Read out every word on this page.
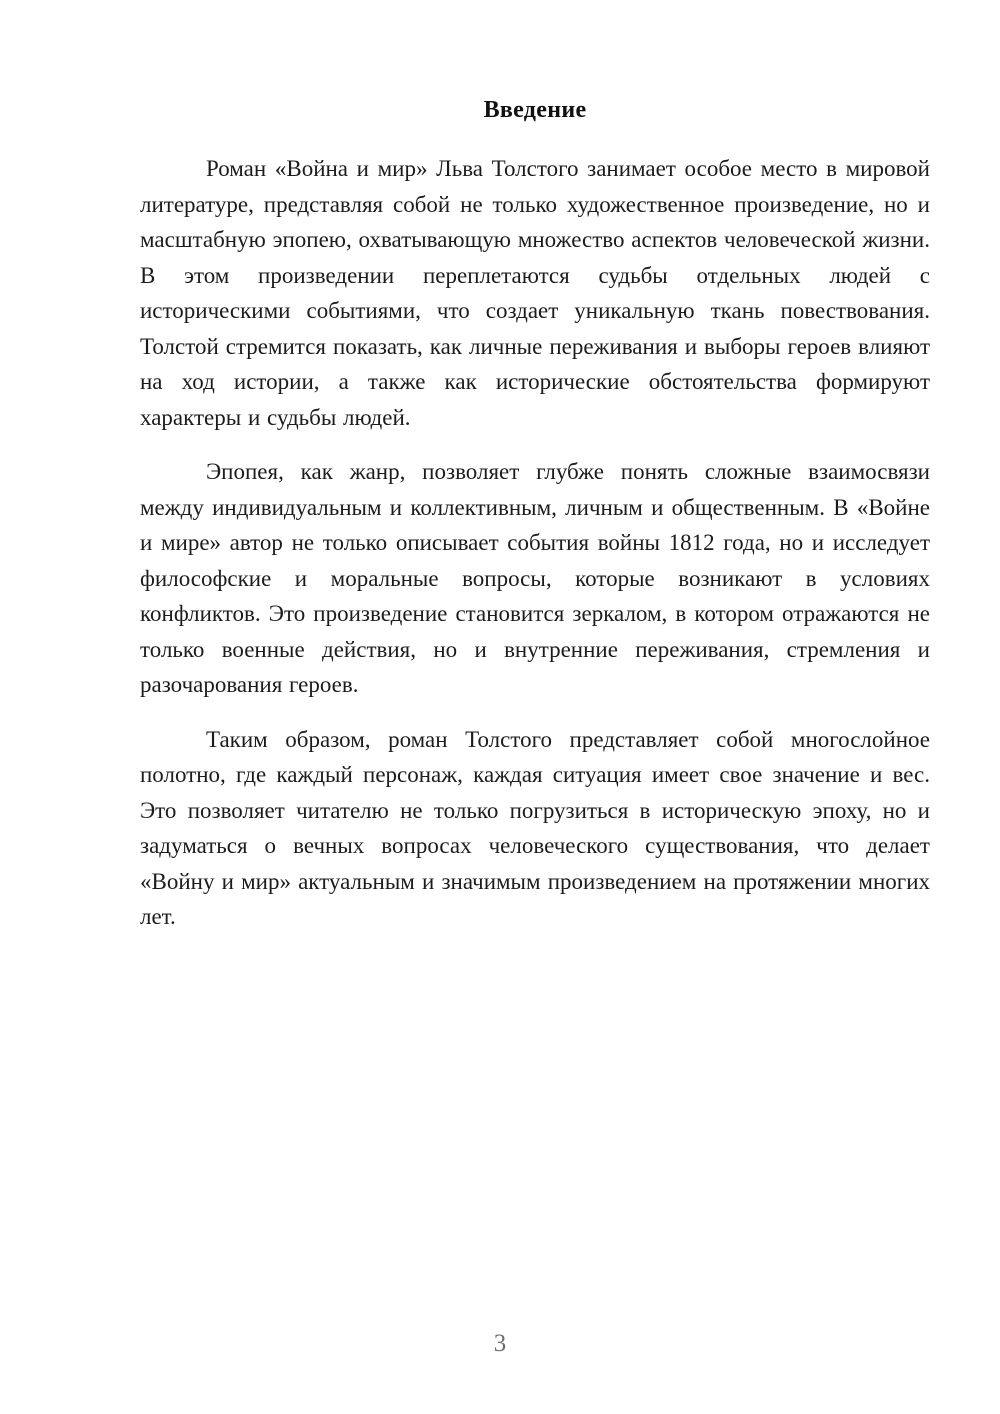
Введение

Роман «Война и мир» Льва Толстого занимает особое место в мировой литературе, представляя собой не только художественное произведение, но и масштабную эпопею, охватывающую множество аспектов человеческой жизни. В этом произведении переплетаются судьбы отдельных людей с историческими событиями, что создает уникальную ткань повествования. Толстой стремится показать, как личные переживания и выборы героев влияют на ход истории, а также как исторические обстоятельства формируют характеры и судьбы людей.

Эпопея, как жанр, позволяет глубже понять сложные взаимосвязи между индивидуальным и коллективным, личным и общественным. В «Войне и мире» автор не только описывает события войны 1812 года, но и исследует философские и моральные вопросы, которые возникают в условиях конфликтов. Это произведение становится зеркалом, в котором отражаются не только военные действия, но и внутренние переживания, стремления и разочарования героев.

Таким образом, роман Толстого представляет собой многослойное полотно, где каждый персонаж, каждая ситуация имеет свое значение и вес. Это позволяет читателю не только погрузиться в историческую эпоху, но и задуматься о вечных вопросах человеческого существования, что делает «Войну и мир» актуальным и значимым произведением на протяжении многих лет.

3
